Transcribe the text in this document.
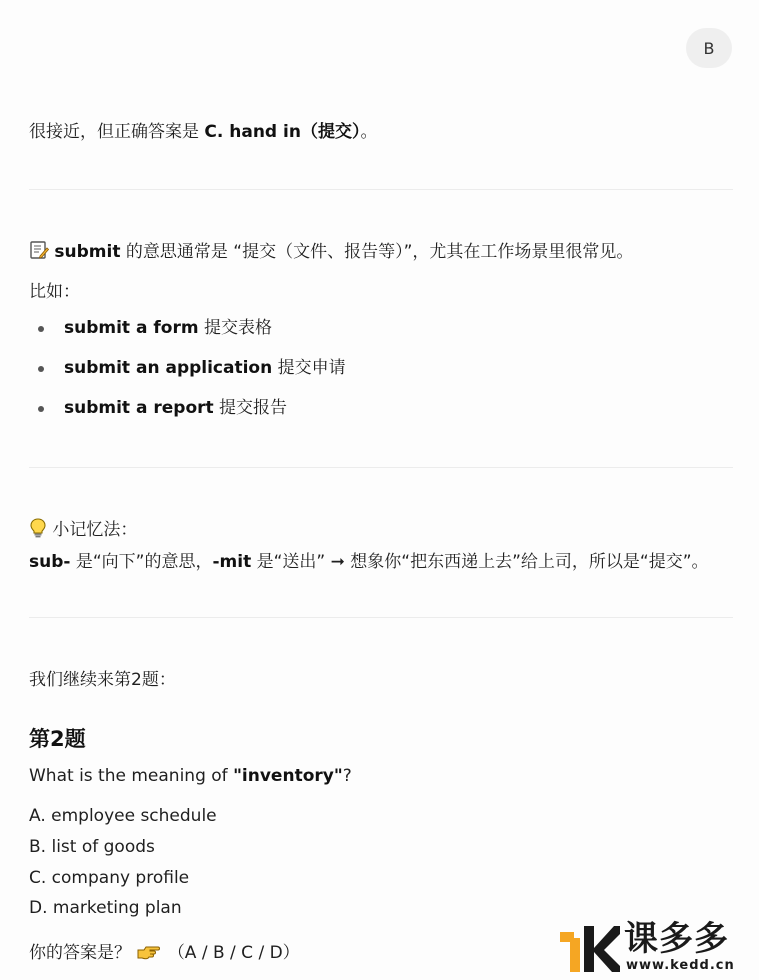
B
很接近，但正确答案是 C. hand in（提交）。
submit 的意思通常是 “提交（文件、报告等）”，尤其在工作场景里很常见。
比如：
submit a form 提交表格
submit an application 提交申请
submit a report 提交报告
小记忆法：
sub- 是“向下”的意思，-mit 是“送出” ➞ 想象你“把东西递上去”给上司，所以是“提交”。
我们继续来第2题：
第2题
What is the meaning of "inventory"?
A. employee schedule
B. list of goods
C. company profile
D. marketing plan
你的答案是？ （A / B / C / D）	课多多
www.kedd.cn
